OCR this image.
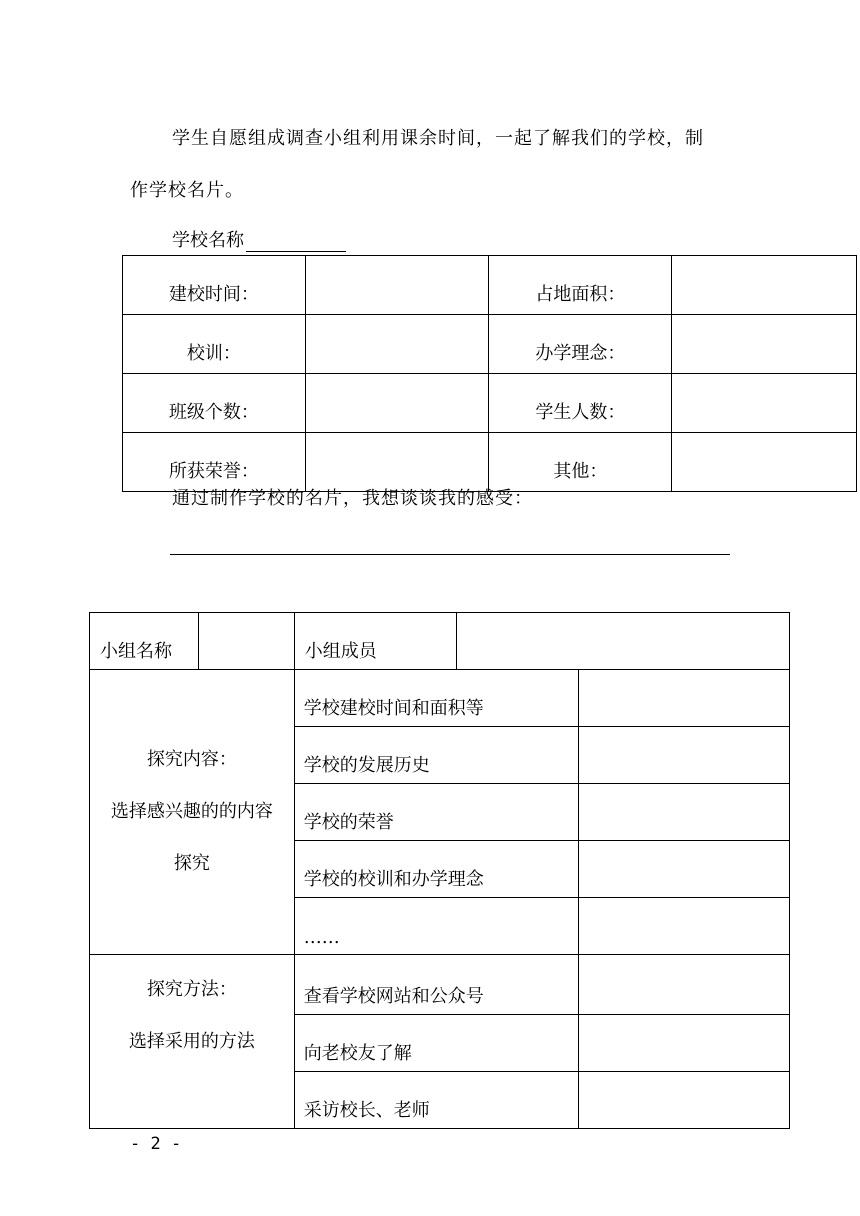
学生自愿组成调查小组利用课余时间，一起了解我们的学校，制
作学校名片。
学校名称
建校时间：		占地面积：	
校训：		办学理念：	
班级个数：		学生人数：	
所获荣誉：		其他：	
通过制作学校的名片，我想谈谈我的感受：
小组名称		小组成员		

探究内容：
选择感兴趣的的内容
探究		学校建校时间和面积等		
		学校的发展历史		
		学校的荣誉		
		学校的校训和办学理念		
		……		

探究方法：
选择采用的方法		查看学校网站和公众号		
		向老校友了解		
		采访校长、老师		
- 2 -
